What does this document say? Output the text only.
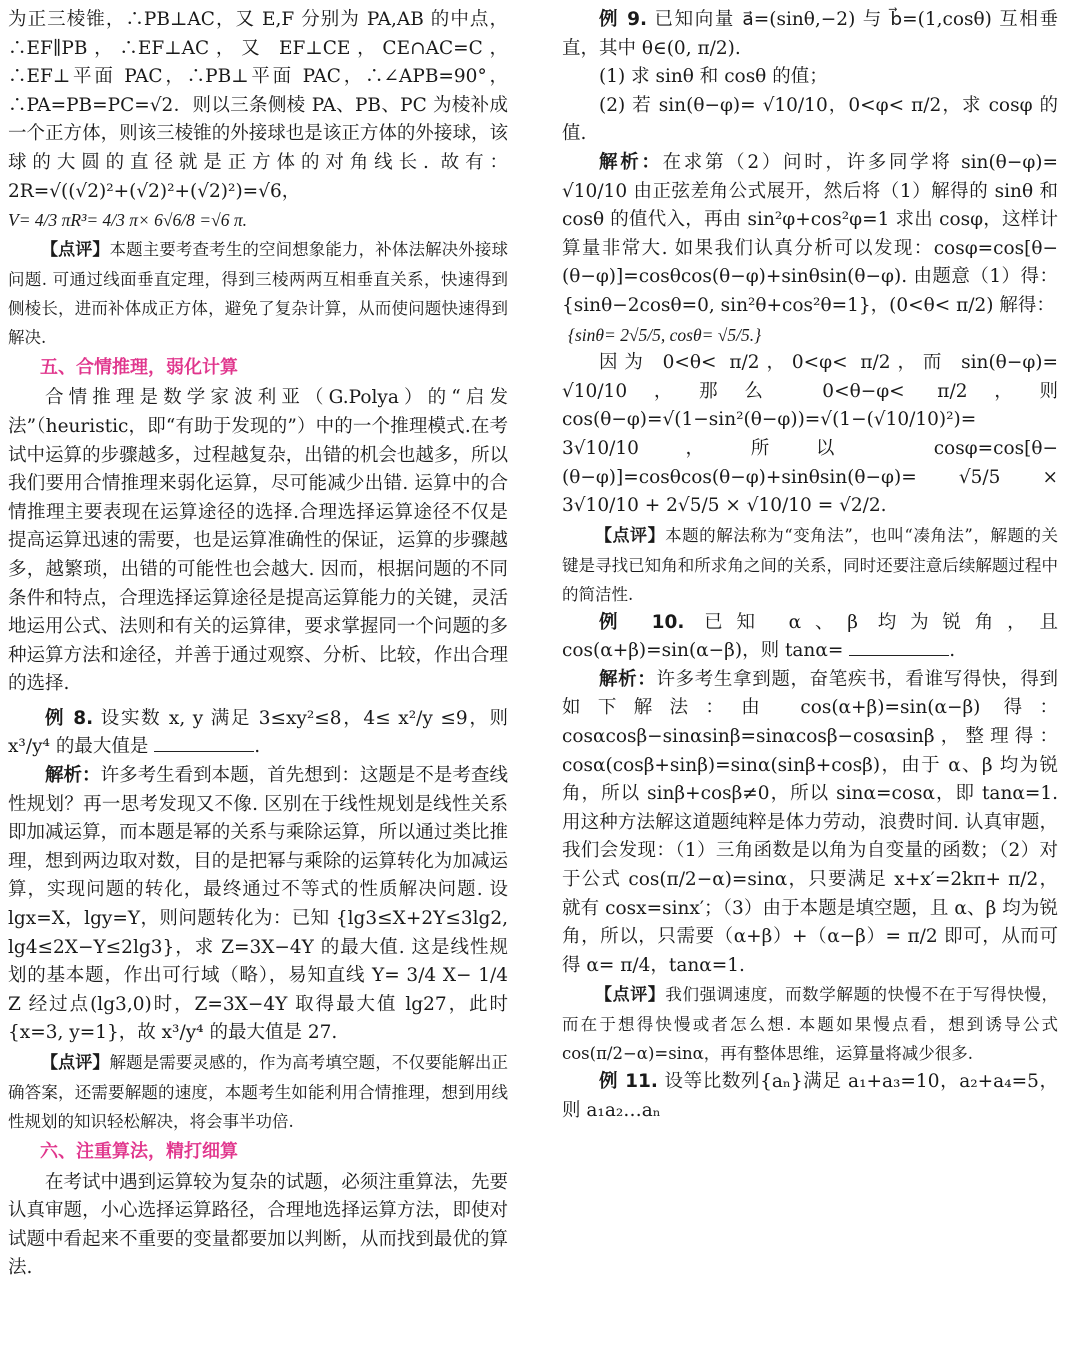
为正三棱锥，∴PB⊥AC，又 E,F 分别为 PA,AB 的中点，∴EF∥PB，∴EF⊥AC，又 EF⊥CE，CE∩AC=C，∴EF⊥平面 PAC，∴PB⊥平面 PAC，∴∠APB=90°，∴PA=PB=PC=√2．则以三条侧棱 PA、PB、PC 为棱补成一个正方体，则该三棱锥的外接球也是该正方体的外接球，该球的大圆的直径就是正方体的对角线长. 故有：2R=√((√2)²+(√2)²+(√2)²)=√6，

V= 4/3 πR³= 4/3 π× 6√6/8 =√6 π.

【点评】本题主要考查考生的空间想象能力，补体法解决外接球问题. 可通过线面垂直定理，得到三棱两两互相垂直关系，快速得到侧棱长，进而补体成正方体，避免了复杂计算，从而使问题快速得到解决.

五、合情推理，弱化计算

合情推理是数学家波利亚（G.Polya）的“启发法”（heuristic，即“有助于发现的”）中的一个推理模式.在考试中运算的步骤越多，过程越复杂，出错的机会也越多，所以我们要用合情推理来弱化运算，尽可能减少出错. 运算中的合情推理主要表现在运算途径的选择.合理选择运算途径不仅是提高运算迅速的需要，也是运算准确性的保证，运算的步骤越多，越繁琐，出错的可能性也会越大. 因而，根据问题的不同条件和特点，合理选择运算途径是提高运算能力的关键，灵活地运用公式、法则和有关的运算律，要求掌握同一个问题的多种运算方法和途径，并善于通过观察、分析、比较，作出合理的选择.

例 8. 设实数 x, y 满足 3≤xy²≤8，4≤ x²/y ≤9，则 x³/y⁴ 的最大值是	.

解析：许多考生看到本题，首先想到：这题是不是考查线性规划？再一思考发现又不像. 区别在于线性规划是线性关系即加减运算，而本题是幂的关系与乘除运算，所以通过类比推理，想到两边取对数，目的是把幂与乘除的运算转化为加减运算，实现问题的转化，最终通过不等式的性质解决问题. 设 lgx=X，lgy=Y，则问题转化为：已知 {lg3≤X+2Y≤3lg2, lg4≤2X−Y≤2lg3}，求 Z=3X−4Y 的最大值. 这是线性规划的基本题，作出可行域（略），易知直线 Y= 3/4 X− 1/4 Z 经过点(lg3,0)时，Z=3X−4Y 取得最大值 lg27，此时 {x=3, y=1}，故 x³/y⁴ 的最大值是 27.

【点评】解题是需要灵感的，作为高考填空题，不仅要能解出正确答案，还需要解题的速度，本题考生如能利用合情推理，想到用线性规划的知识轻松解决，将会事半功倍.

六、注重算法，精打细算

在考试中遇到运算较为复杂的试题，必须注重算法，先要认真审题，小心选择运算路径，合理地选择运算方法，即使对试题中看起来不重要的变量都要加以判断，从而找到最优的算法.

例 9. 已知向量 a⃗=(sinθ,−2) 与 b⃗=(1,cosθ) 互相垂直，其中 θ∈(0, π/2).

(1) 求 sinθ 和 cosθ 的值；

(2) 若 sin(θ−φ)= √10/10，0<φ< π/2，求 cosφ 的值.

解析：在求第（2）问时，许多同学将 sin(θ−φ)= √10/10 由正弦差角公式展开，然后将（1）解得的 sinθ 和 cosθ 的值代入，再由 sin²φ+cos²φ=1 求出 cosφ，这样计算量非常大. 如果我们认真分析可以发现：cosφ=cos[θ−(θ−φ)]=cosθcos(θ−φ)+sinθsin(θ−φ). 由题意（1）得：{sinθ−2cosθ=0, sin²θ+cos²θ=1}，(0<θ< π/2) 解得：

{sinθ= 2√5/5, cosθ= √5/5.}

因为 0<θ< π/2，0<φ< π/2，而 sin(θ−φ)= √10/10，那么 0<θ−φ< π/2，则 cos(θ−φ)=√(1−sin²(θ−φ))=√(1−(√10/10)²)= 3√10/10，所以 cosφ=cos[θ−(θ−φ)]=cosθcos(θ−φ)+sinθsin(θ−φ)= √5/5 × 3√10/10 + 2√5/5 × √10/10 = √2/2.

【点评】本题的解法称为“变角法”，也叫“凑角法”，解题的关键是寻找已知角和所求角之间的关系，同时还要注意后续解题过程中的简洁性.

例 10. 已知 α、β 均为锐角，且 cos(α+β)=sin(α−β)，则 tanα=	.

解析：许多考生拿到题，奋笔疾书，看谁写得快，得到如下解法：由 cos(α+β)=sin(α−β) 得：cosαcosβ−sinαsinβ=sinαcosβ−cosαsinβ，整理得：cosα(cosβ+sinβ)=sinα(sinβ+cosβ)，由于 α、β 均为锐角，所以 sinβ+cosβ≠0，所以 sinα=cosα，即 tanα=1. 用这种方法解这道题纯粹是体力劳动，浪费时间. 认真审题，我们会发现：（1）三角函数是以角为自变量的函数；（2）对于公式 cos(π/2−α)=sinα，只要满足 x+x′=2kπ+ π/2，就有 cosx=sinx′；（3）由于本题是填空题，且 α、β 均为锐角，所以，只需要（α+β）+（α−β）= π/2 即可，从而可得 α= π/4，tanα=1.

【点评】我们强调速度，而数学解题的快慢不在于写得快慢，而在于想得快慢或者怎么想. 本题如果慢点看，想到诱导公式 cos(π/2−α)=sinα，再有整体思维，运算量将减少很多.

例 11. 设等比数列{aₙ}满足 a₁+a₃=10，a₂+a₄=5，则 a₁a₂…aₙ
